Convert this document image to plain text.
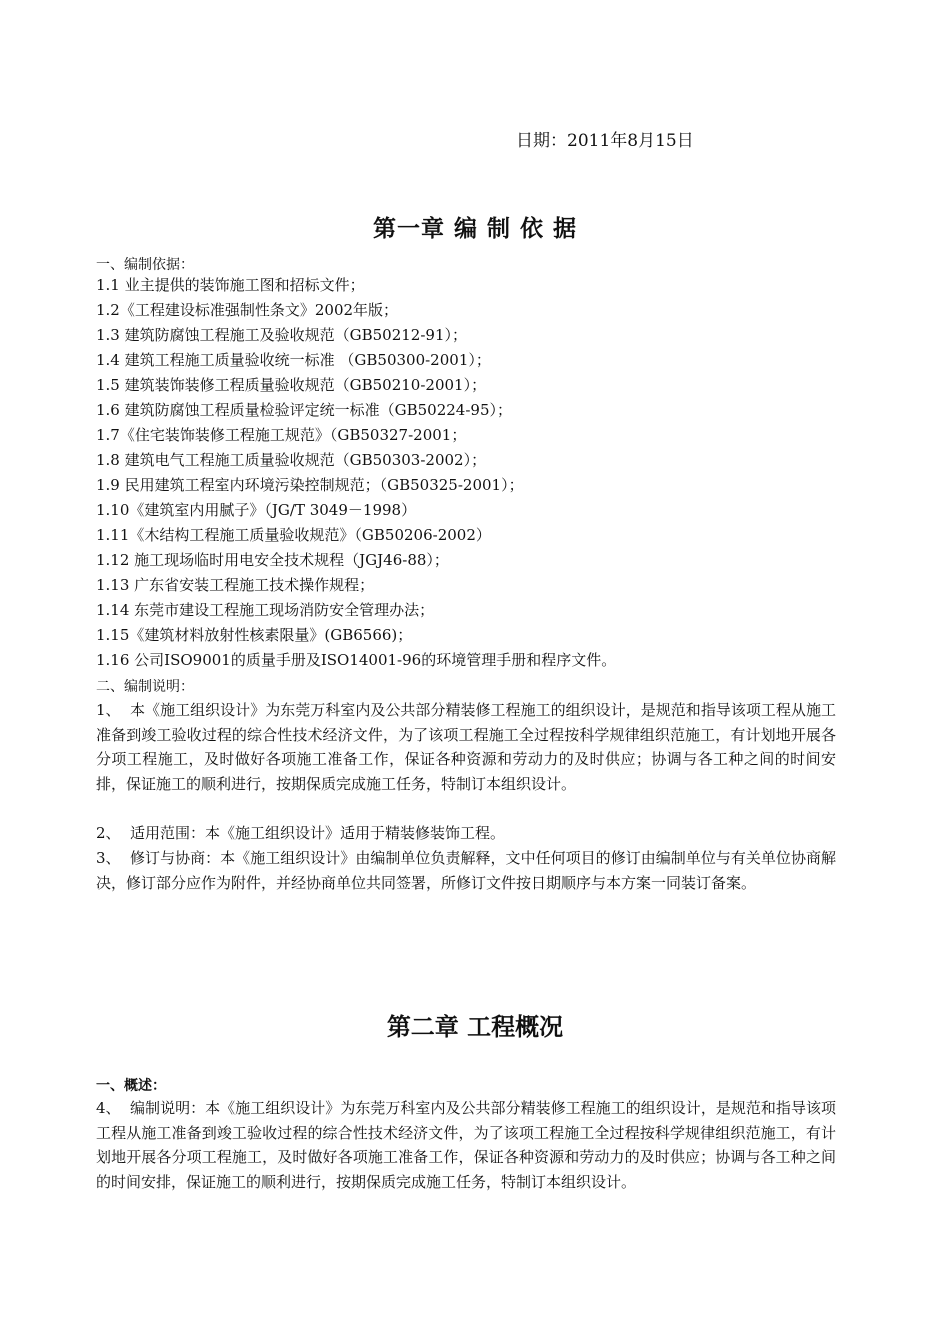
日期：2011年8月15日
第一章 编 制 依 据
一、编制依据：
1.1 业主提供的装饰施工图和招标文件；
1.2《工程建设标准强制性条文》2002年版；
1.3 建筑防腐蚀工程施工及验收规范（GB50212-91）；
1.4 建筑工程施工质量验收统一标准 （GB50300-2001）；
1.5 建筑装饰装修工程质量验收规范（GB50210-2001）；
1.6 建筑防腐蚀工程质量检验评定统一标准（GB50224-95）；
1.7《住宅装饰装修工程施工规范》（GB50327-2001；
1.8 建筑电气工程施工质量验收规范（GB50303-2002）；
1.9 民用建筑工程室内环境污染控制规范；（GB50325-2001）；
1.10《建筑室内用腻子》（JG/T 3049－1998）
1.11《木结构工程施工质量验收规范》（GB50206-2002）
1.12 施工现场临时用电安全技术规程（JGJ46-88）；
1.13 广东省安装工程施工技术操作规程；
1.14 东莞市建设工程施工现场消防安全管理办法；
1.15《建筑材料放射性核素限量》(GB6566)；
1.16 公司ISO9001的质量手册及ISO14001-96的环境管理手册和程序文件。
二、编制说明：

1、 本《施工组织设计》为东莞万科室内及公共部分精装修工程施工的组织设计，是规范和指导该项工程从施工准备到竣工验收过程的综合性技术经济文件，为了该项工程施工全过程按科学规律组织范施工，有计划地开展各分项工程施工，及时做好各项施工准备工作，保证各种资源和劳动力的及时供应；协调与各工种之间的时间安排，保证施工的顺利进行，按期保质完成施工任务，特制订本组织设计。

2、 适用范围：本《施工组织设计》适用于精装修装饰工程。

3、 修订与协商：本《施工组织设计》由编制单位负责解释，文中任何项目的修订由编制单位与有关单位协商解决，修订部分应作为附件，并经协商单位共同签署，所修订文件按日期顺序与本方案一同装订备案。

第二章 工程概况
一、概述：

4、 编制说明：本《施工组织设计》为东莞万科室内及公共部分精装修工程施工的组织设计，是规范和指导该项工程从施工准备到竣工验收过程的综合性技术经济文件，为了该项工程施工全过程按科学规律组织范施工，有计划地开展各分项工程施工，及时做好各项施工准备工作，保证各种资源和劳动力的及时供应；协调与各工种之间的时间安排，保证施工的顺利进行，按期保质完成施工任务，特制订本组织设计。
